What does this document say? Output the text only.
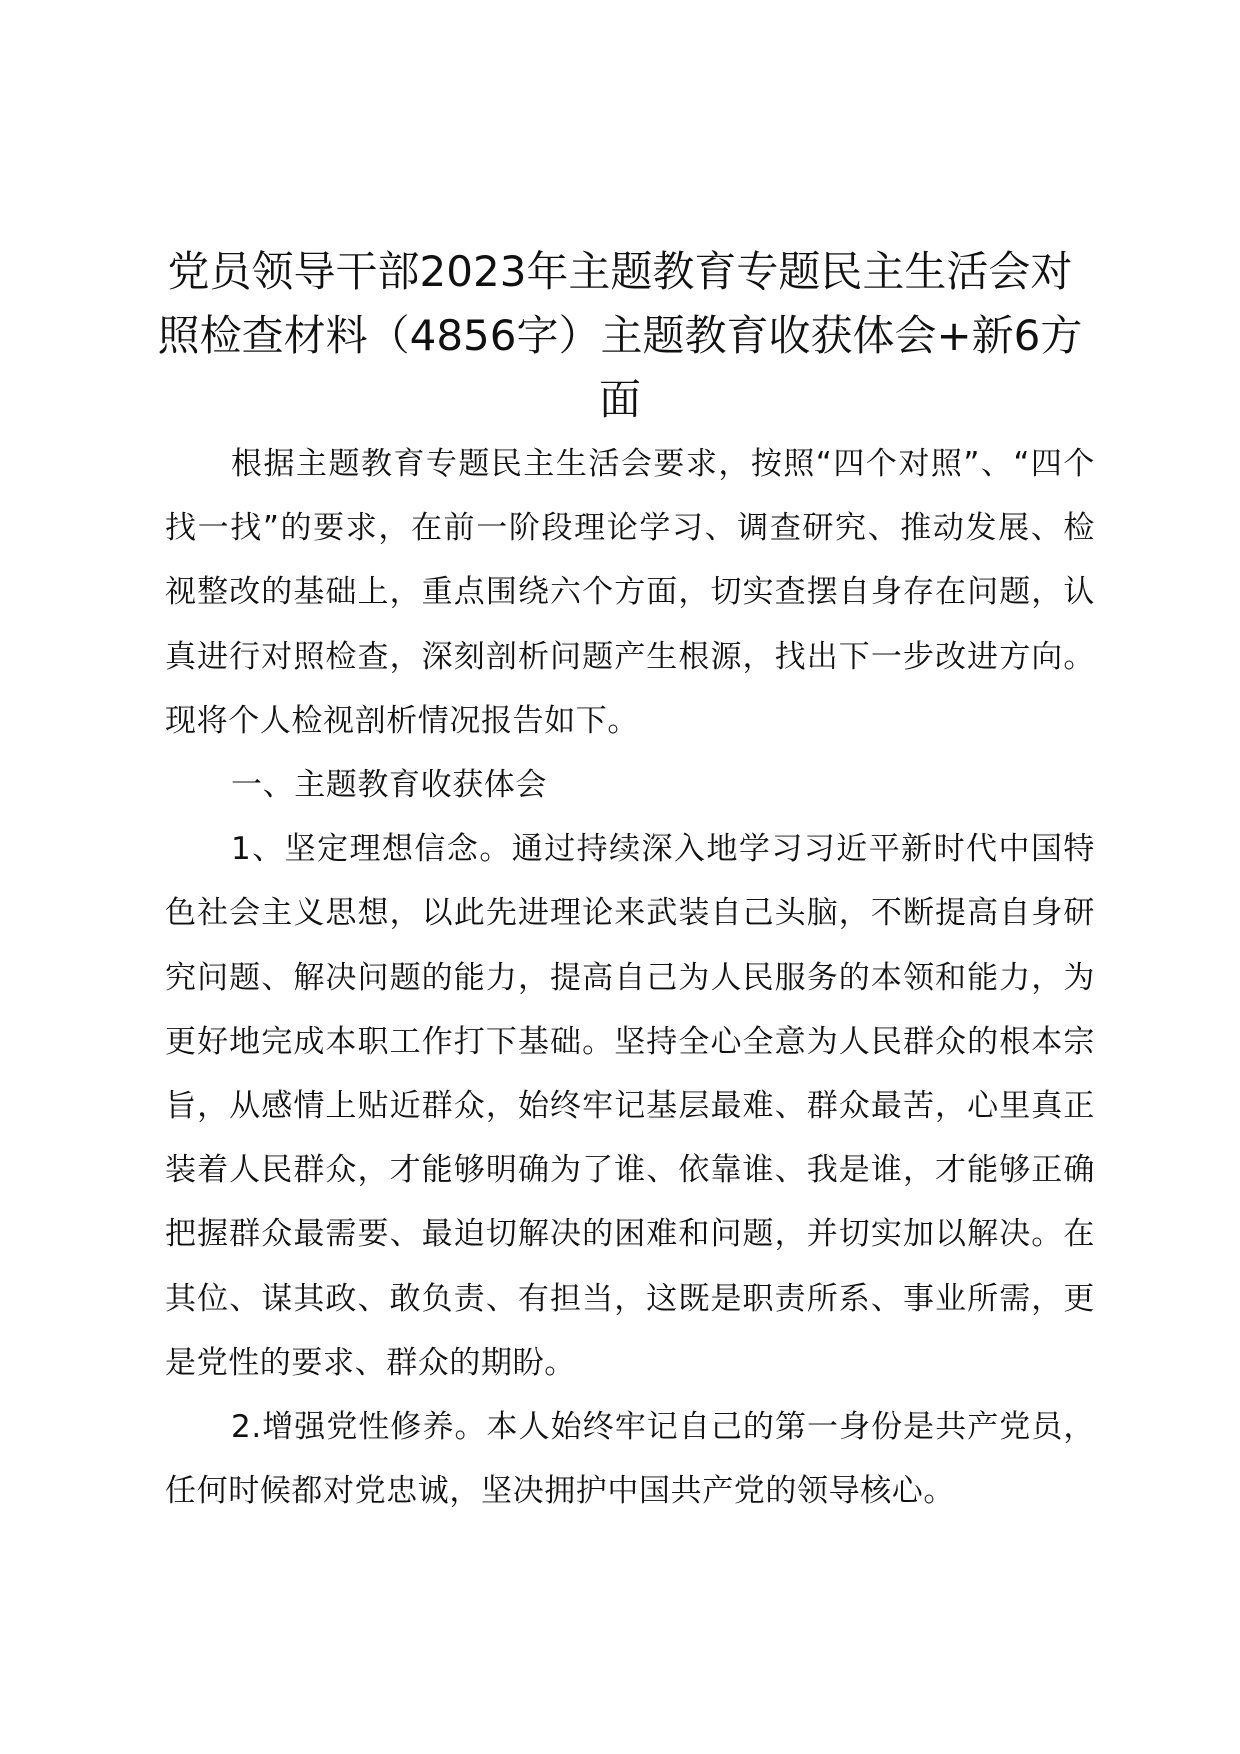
党员领导干部2023年主题教育专题民主生活会对照检查材料（4856字）主题教育收获体会+新6方面

根据主题教育专题民主生活会要求，按照“四个对照”、“四个找一找”的要求，在前一阶段理论学习、调查研究、推动发展、检视整改的基础上，重点围绕六个方面，切实查摆自身存在问题，认真进行对照检查，深刻剖析问题产生根源，找出下一步改进方向。现将个人检视剖析情况报告如下。

一、主题教育收获体会

1、坚定理想信念。通过持续深入地学习习近平新时代中国特色社会主义思想，以此先进理论来武装自己头脑，不断提高自身研究问题、解决问题的能力，提高自己为人民服务的本领和能力，为更好地完成本职工作打下基础。坚持全心全意为人民群众的根本宗旨，从感情上贴近群众，始终牢记基层最难、群众最苦，心里真正装着人民群众，才能够明确为了谁、依靠谁、我是谁，才能够正确把握群众最需要、最迫切解决的困难和问题，并切实加以解决。在其位、谋其政、敢负责、有担当，这既是职责所系、事业所需，更是党性的要求、群众的期盼。

2.增强党性修养。本人始终牢记自己的第一身份是共产党员，任何时候都对党忠诚，坚决拥护中国共产党的领导核心。
